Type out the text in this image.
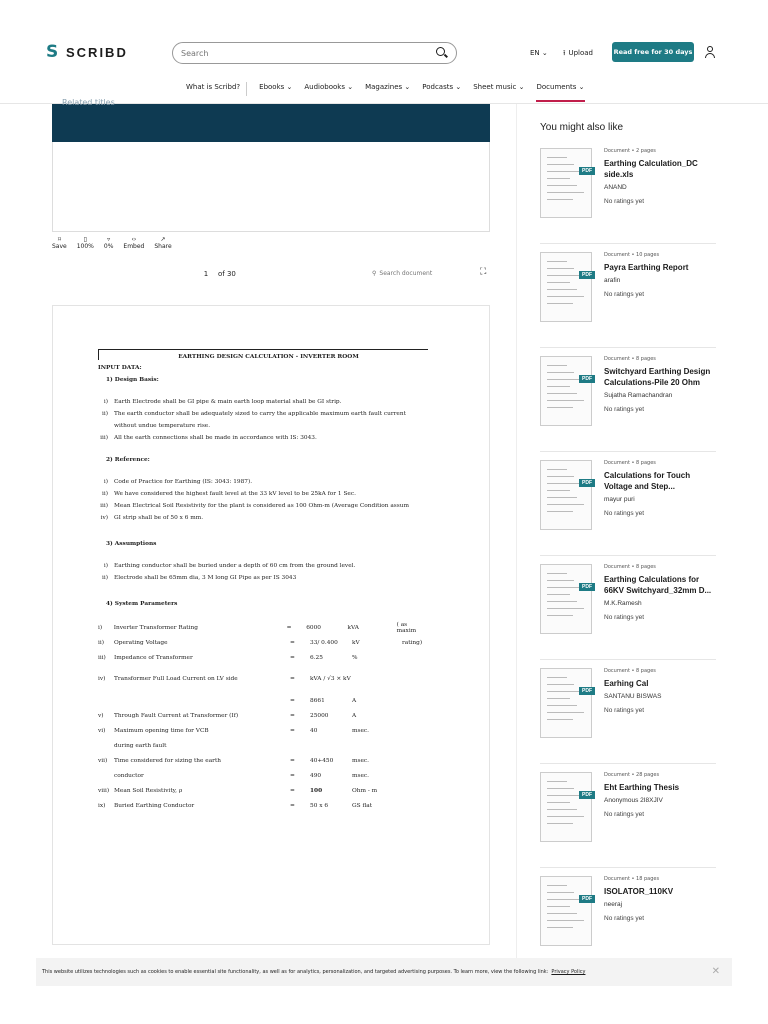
S SCRIBD
Search	EN ⌄ ⭱ Upload	Read free for 30 days
What is Scribd?	Ebooks ⌄	Audiobooks ⌄	Magazines ⌄	Podcasts ⌄	Sheet music ⌄	Documents ⌄
Related titles
⌑
Save
▯
100%
▿
0%
‹›
Embed
↗
Share
1	of 30	⚲
Search document	⛶
EARTHING DESIGN CALCULATION - INVERTER ROOM
INPUT DATA:
1) Design Basis:
i) Earth Electrode shall be GI pipe & main earth loop material shall be GI strip.
ii) The earth conductor shall be adequately sized to carry the applicable maximum earth fault current
without undue temperature rise.
iii) All the earth connections shall be made in accordance with IS: 3043.
2) Reference:
i) Code of Practice for Earthing (IS: 3043: 1987).
ii) We have considered the highest fault level at the 33 kV level to be 25kA for 1 Sec.
iii) Mean Electrical Soil Resistivity for the plant is considered as 100 Ohm-m (Average Condition assum
iv) GI strip shall be of 50 x 6 mm.
3) Assumptions
i) Earthing conductor shall be buried under a depth of 60 cm from the ground level.
ii) Electrode shall be 65mm dia, 3 M long GI Pipe as per IS 3043
4) System Parameters
i)	Inverter Transformer Rating	=	6000	kVA	( as maxim
ii)	Operating Voltage	=	33/ 0.400	kV	rating)
iii)	Impedance of Transformer	=	6.25	%
iv)	Transformer Full Load Current on LV side	=	kVA / √3 × kV
=	8661	A
v)	Through Fault Current at Transformer (If)	=	25000	A
vi)	Maximum opening time for VCB	=	40	msec.
during earth fault
vii)	Time considered for sizing the earth	=	40+450	msec.
conductor	=	490	msec.
viii) Mean Soil Resistivity, ρ	=	100	Ohm - m
ix)	Buried Earthing Conductor	=	50 x 6	GS flat
You might also like
PDF
Document • 2 pages
Earthing Calculation_DC side.xls
ANAND
No ratings yet
PDF
Document • 10 pages
Payra Earthing Report
arafin
No ratings yet
PDF
Document • 8 pages
Switchyard Earthing Design Calculations-Pile 20 Ohm
Sujatha Ramachandran
No ratings yet
PDF
Document • 8 pages
Calculations for Touch Voltage and Step...
mayur puri
No ratings yet
PDF
Document • 8 pages
Earthing Calculations for 66KV Switchyard_32mm D...
M.K.Ramesh
No ratings yet
PDF
Document • 8 pages
Earhing Cal
SANTANU BISWAS
No ratings yet
PDF
Document • 28 pages
Eht Earthing Thesis
Anonymous 2I8XJIV
No ratings yet
PDF
Document • 18 pages
ISOLATOR_110KV
neeraj
No ratings yet
This website utilizes technologies such as cookies to enable essential site functionality, as well as for analytics, personalization, and targeted advertising purposes. To learn more, view the following link: Privacy Policy	✕
